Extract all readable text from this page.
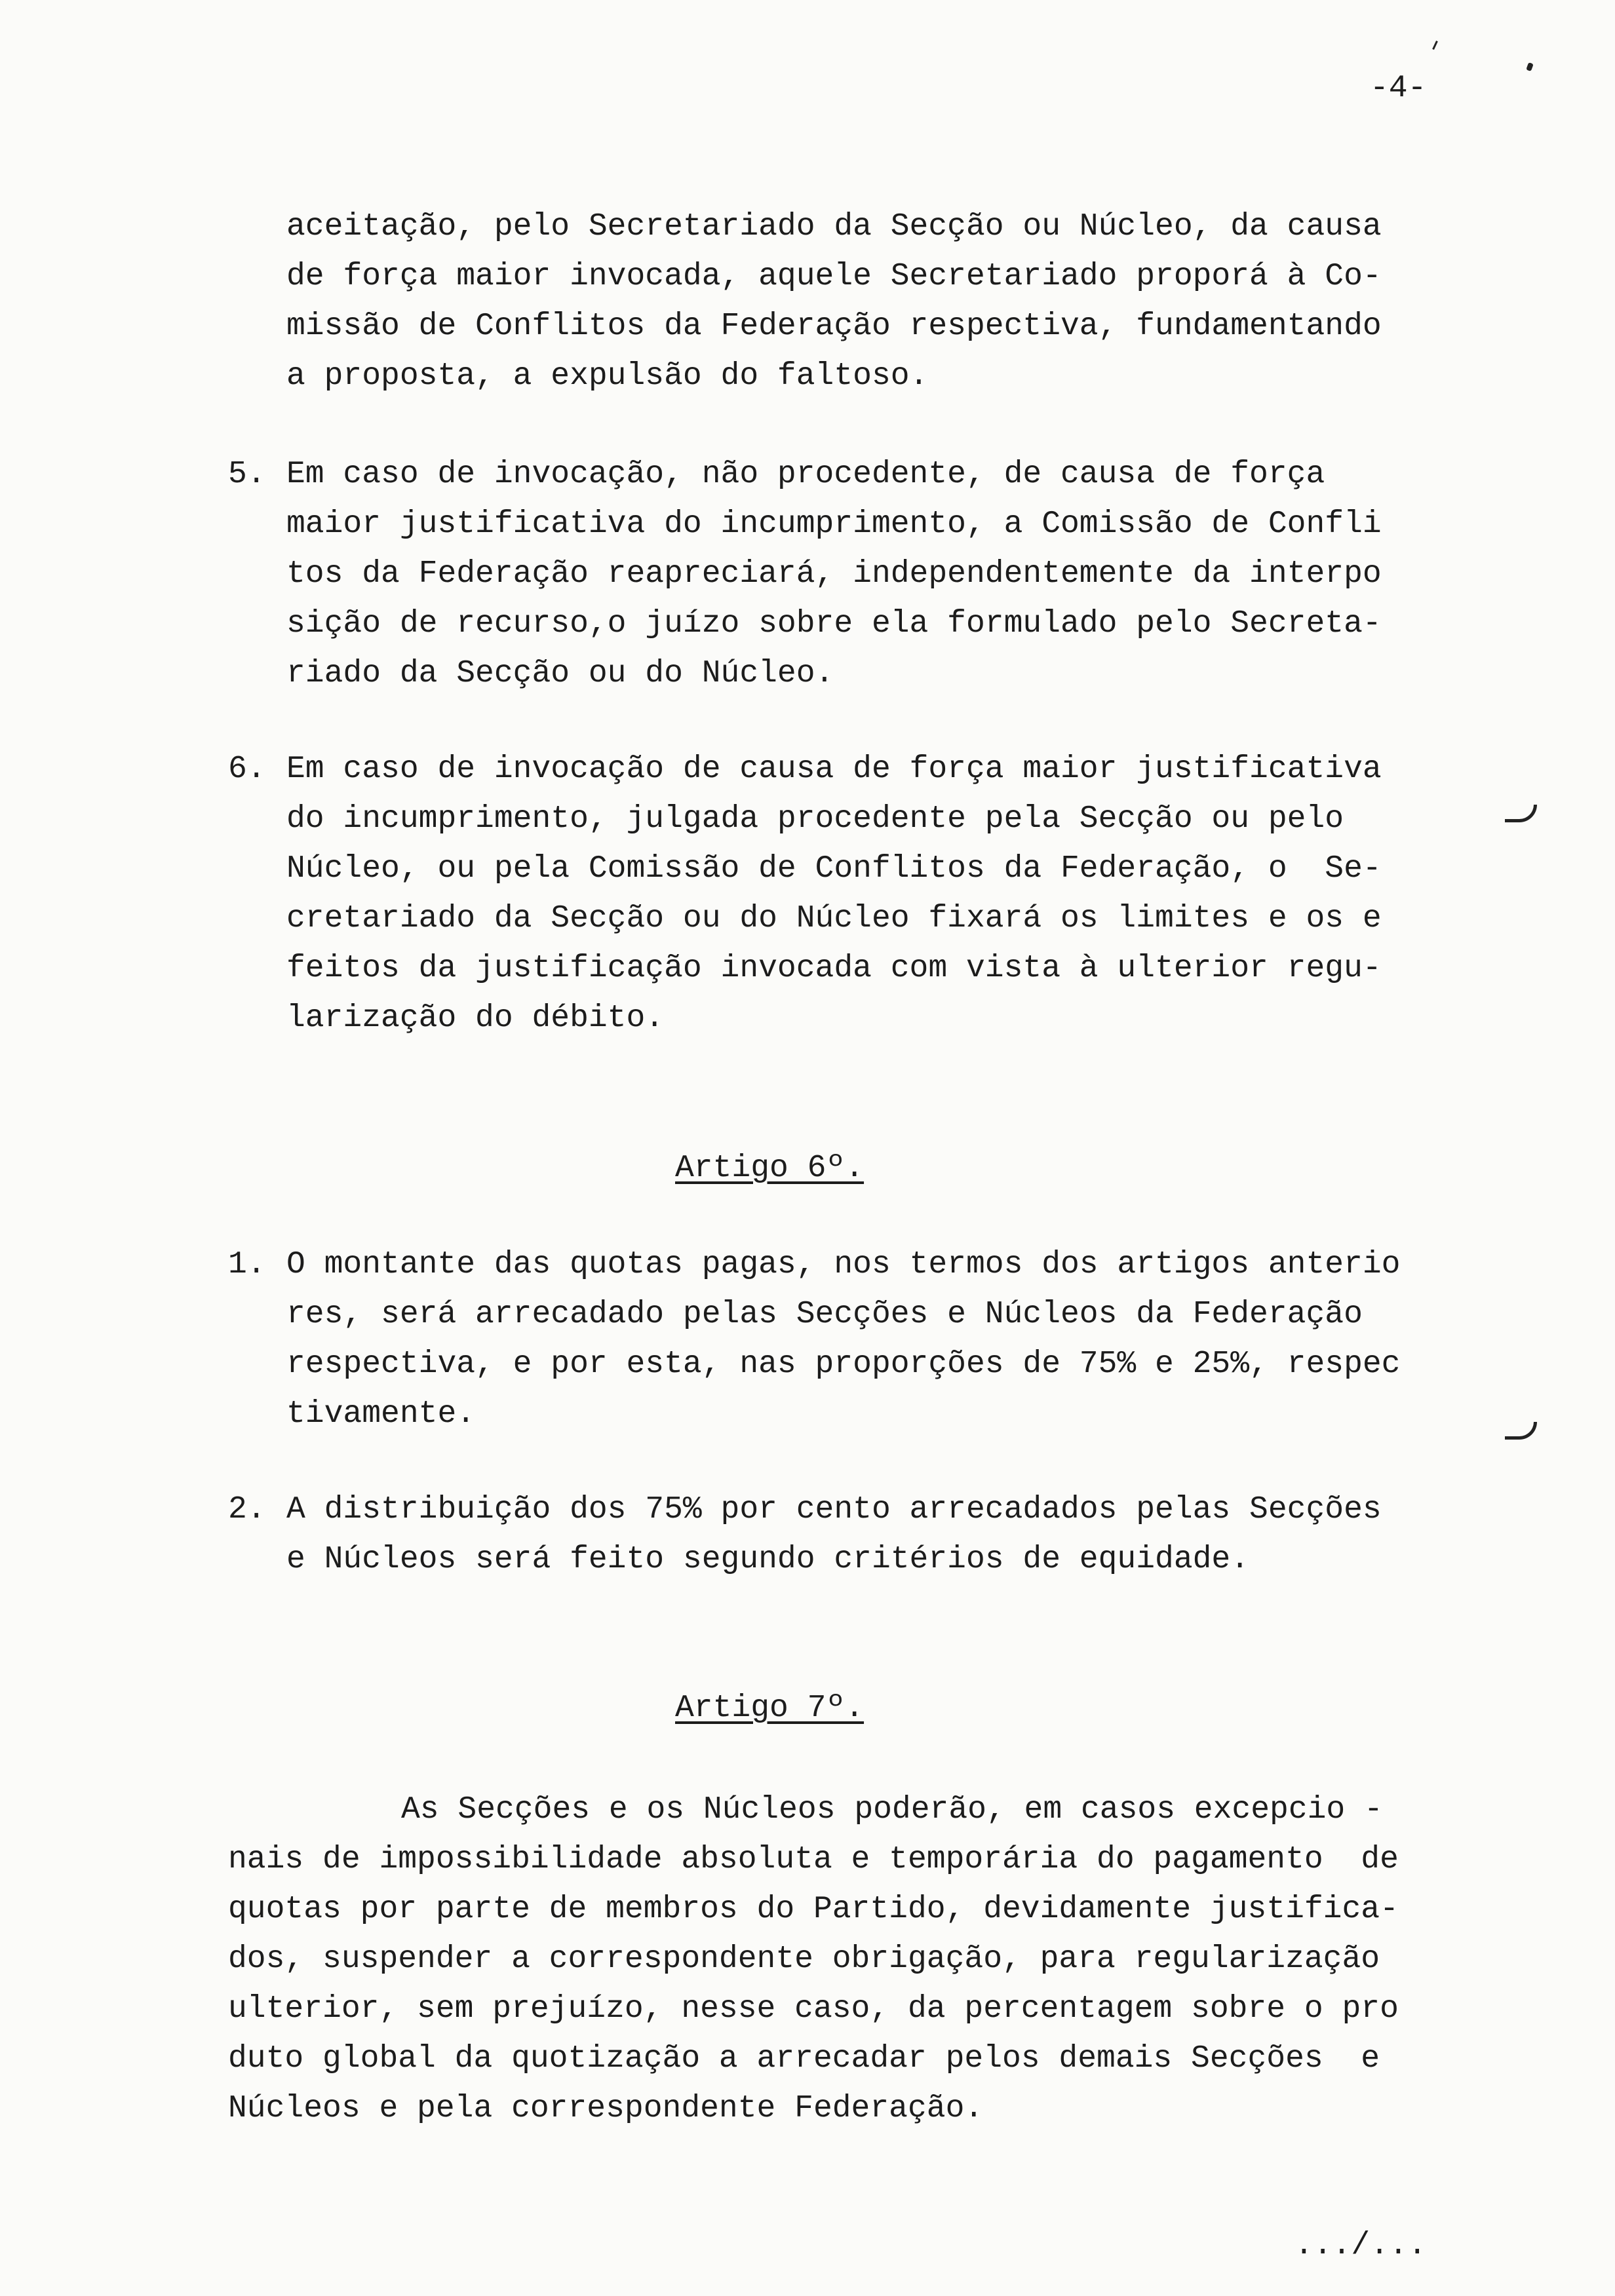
-4-
aceitação, pelo Secretariado da Secção ou Núcleo, da causa
de força maior invocada, aquele Secretariado proporá à Co-
missão de Conflitos da Federação respectiva, fundamentando
a proposta, a expulsão do faltoso.
5. Em caso de invocação, não procedente, de causa de força
maior justificativa do incumprimento, a Comissão de Confli
tos da Federação reapreciará, independentemente da interpo
sição de recurso,o juízo sobre ela formulado pelo Secreta-
riado da Secção ou do Núcleo.
6. Em caso de invocação de causa de força maior justificativa
do incumprimento, julgada procedente pela Secção ou pelo
Núcleo, ou pela Comissão de Conflitos da Federação, o  Se-
cretariado da Secção ou do Núcleo fixará os limites e os e
feitos da justificação invocada com vista à ulterior regu-
larização do débito.
Artigo 6º.
1. O montante das quotas pagas, nos termos dos artigos anterio
res, será arrecadado pelas Secções e Núcleos da Federação
respectiva, e por esta, nas proporções de 75% e 25%, respec
tivamente.
2. A distribuição dos 75% por cento arrecadados pelas Secções
e Núcleos será feito segundo critérios de equidade.
Artigo 7º.
As Secções e os Núcleos poderão, em casos excepcio -
nais de impossibilidade absoluta e temporária do pagamento  de
quotas por parte de membros do Partido, devidamente justifica-
dos, suspender a correspondente obrigação, para regularização
ulterior, sem prejuízo, nesse caso, da percentagem sobre o pro
duto global da quotização a arrecadar pelos demais Secções  e
Núcleos e pela correspondente Federação.
.../...
